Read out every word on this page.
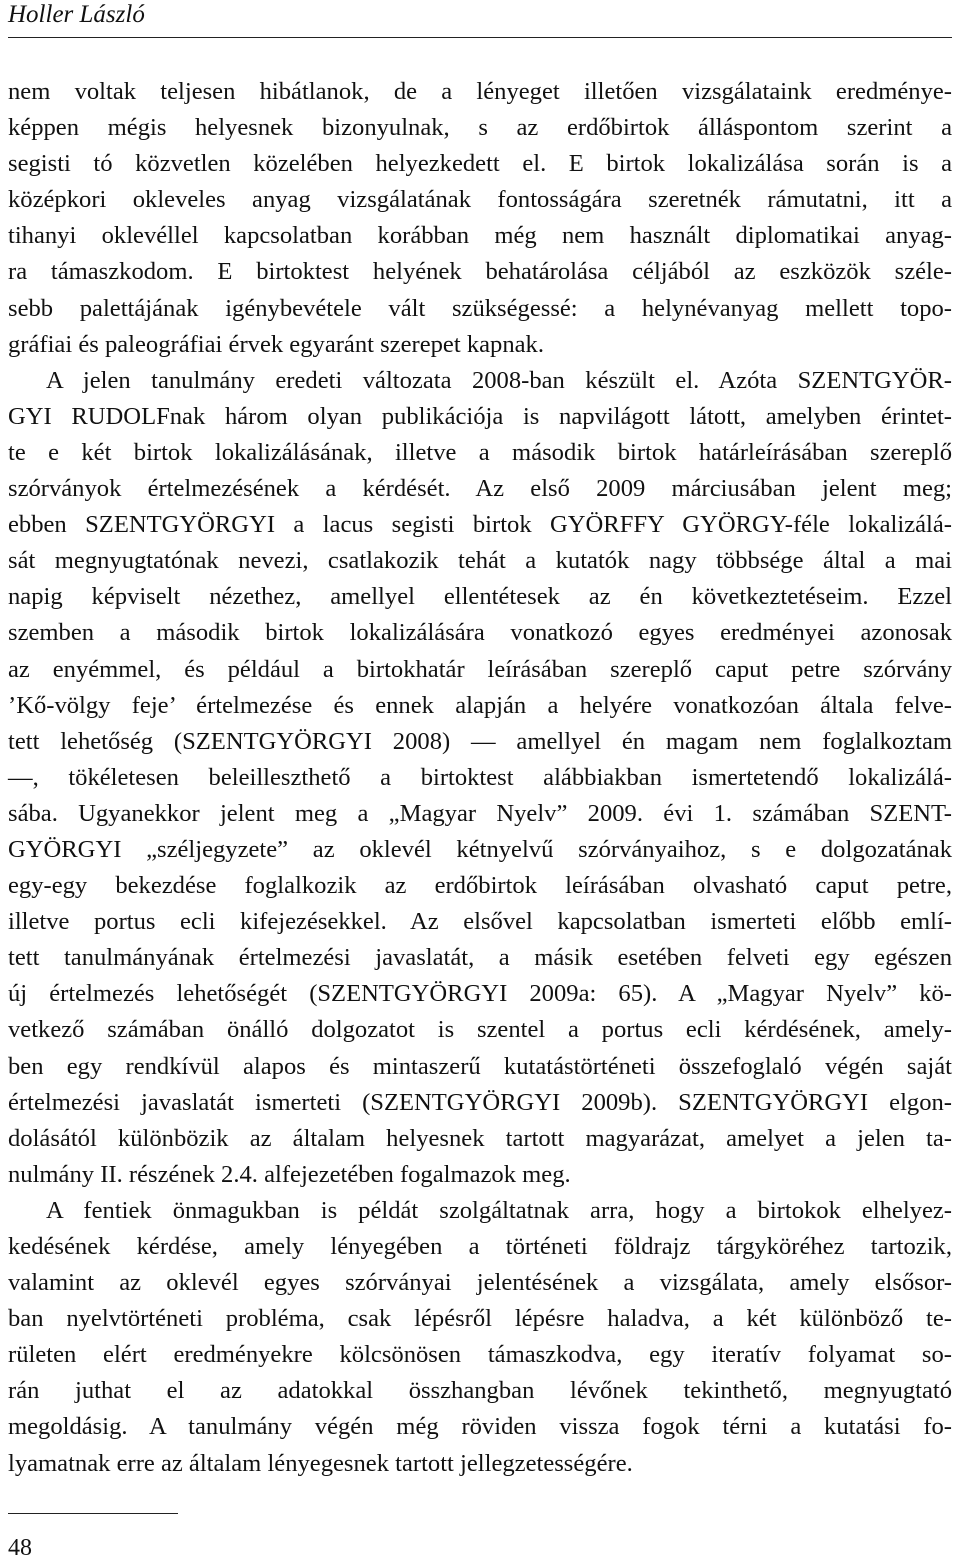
Holler László
nem voltak teljesen hibátlanok, de a lényeget illetően vizsgálataink eredménye-
képpen mégis helyesnek bizonyulnak, s az erdőbirtok álláspontom szerint a
segisti tó közvetlen közelében helyezkedett el. E birtok lokalizálása során is a
középkori okleveles anyag vizsgálatának fontosságára szeretnék rámutatni, itt a
tihanyi oklevéllel kapcsolatban korábban még nem használt diplomatikai anyag-
ra támaszkodom. E birtoktest helyének behatárolása céljából az eszközök széle-
sebb palettájának igénybevétele vált szükségessé: a helynévanyag mellett topo-
gráfiai és paleográfiai érvek egyaránt szerepet kapnak.
A jelen tanulmány eredeti változata 2008-ban készült el. Azóta SZENTGYÖR-
GYI RUDOLFnak három olyan publikációja is napvilágott látott, amelyben érintet-
te e két birtok lokalizálásának, illetve a második birtok határleírásában szereplő
szórványok értelmezésének a kérdését. Az első 2009 márciusában jelent meg;
ebben SZENTGYÖRGYI a lacus segisti birtok GYÖRFFY GYÖRGY-féle lokalizálá-
sát megnyugtatónak nevezi, csatlakozik tehát a kutatók nagy többsége által a mai
napig képviselt nézethez, amellyel ellentétesek az én következtetéseim. Ezzel
szemben a második birtok lokalizálására vonatkozó egyes eredményei azonosak
az enyémmel, és például a birtokhatár leírásában szereplő caput petre szórvány
’Kő-völgy feje’ értelmezése és ennek alapján a helyére vonatkozóan általa felve-
tett lehetőség (SZENTGYÖRGYI 2008) — amellyel én magam nem foglalkoztam
—, tökéletesen beleilleszthető a birtoktest alábbiakban ismertetendő lokalizálá-
sába. Ugyanekkor jelent meg a „Magyar Nyelv” 2009. évi 1. számában SZENT-
GYÖRGYI „széljegyzete” az oklevél kétnyelvű szórványaihoz, s e dolgozatának
egy-egy bekezdése foglalkozik az erdőbirtok leírásában olvasható caput petre,
illetve portus ecli kifejezésekkel. Az elsővel kapcsolatban ismerteti előbb emlí-
tett tanulmányának értelmezési javaslatát, a másik esetében felveti egy egészen
új értelmezés lehetőségét (SZENTGYÖRGYI 2009a: 65). A „Magyar Nyelv” kö-
vetkező számában önálló dolgozatot is szentel a portus ecli kérdésének, amely-
ben egy rendkívül alapos és mintaszerű kutatástörténeti összefoglaló végén saját
értelmezési javaslatát ismerteti (SZENTGYÖRGYI 2009b). SZENTGYÖRGYI elgon-
dolásától különbözik az általam helyesnek tartott magyarázat, amelyet a jelen ta-
nulmány II. részének 2.4. alfejezetében fogalmazok meg.
A fentiek önmagukban is példát szolgáltatnak arra, hogy a birtokok elhelyez-
kedésének kérdése, amely lényegében a történeti földrajz tárgyköréhez tartozik,
valamint az oklevél egyes szórványai jelentésének a vizsgálata, amely elsősor-
ban nyelvtörténeti probléma, csak lépésről lépésre haladva, a két különböző te-
rületen elért eredményekre kölcsönösen támaszkodva, egy iteratív folyamat so-
rán juthat el az adatokkal összhangban lévőnek tekinthető, megnyugtató
megoldásig. A tanulmány végén még röviden vissza fogok térni a kutatási fo-
lyamatnak erre az általam lényegesnek tartott jellegzetességére.
48
